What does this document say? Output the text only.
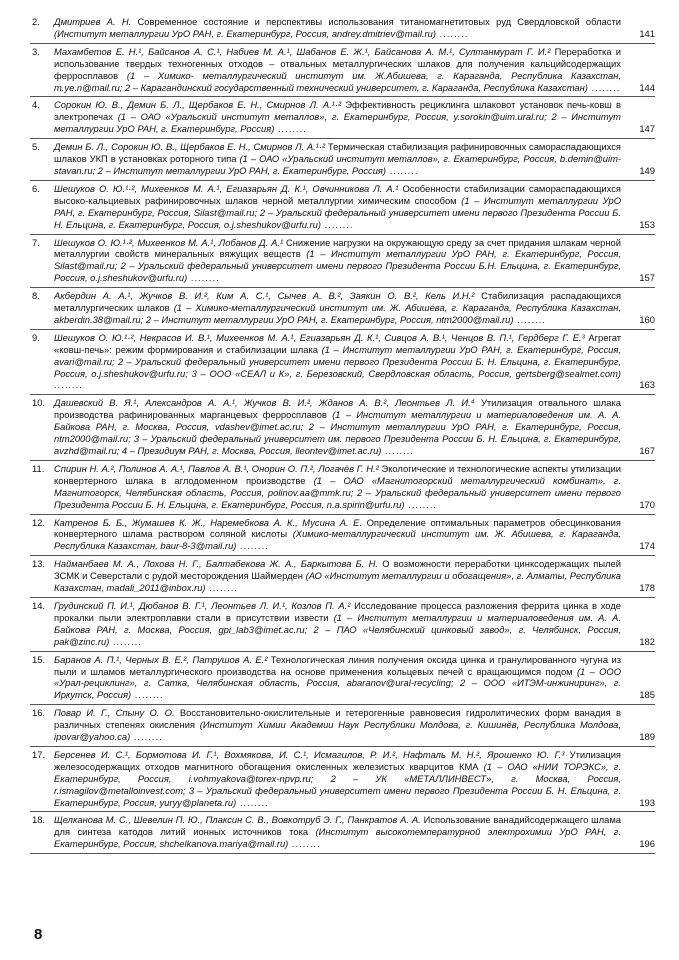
2. Дмитриев А. Н. Современное состояние и перспективы использования титаномагнетитовых руд Свердловской области (Институт металлургии УрО РАН, г. Екатеринбург, Россия, andrey.dmitriev@mail.ru) ........	141
3. Махамбетов Е. Н.¹, Байсанов А. С.¹, Набиев М. А.¹, Шабанов Е. Ж.¹, Байсанова А. М.¹, Султанмурат Г. И.² Переработка и использование твердых техногенных отходов – отвальных металлургических шлаков для получения кальцийсодержащих ферросплавов (1 – Химико- металлургический институт им. Ж.Абишева, г. Караганда, Республика Казахстан, m.ye.n@mail.ru; 2 – Карагандинский государственный технический университет, г. Караганда, Республика Казахстан) ........ 144
4. Сорокин Ю. В., Демин Б. Л., Щербаков Е. Н., Смирнов Л. А.¹·² Эффективность рециклинга шлаковот установок печь-ковш в электропечах (1 – ОАО «Уральский институт металлов», г. Екатеринбург, Россия, y.sorokin@uim.ural.ru; 2 – Институт металлургии УрО РАН, г. Екатеринбург, Россия) ........	147
5. Демин Б. Л., Сорокин Ю. В., Щербаков Е. Н., Смирнов Л. А.¹·² Термическая стабилизация рафинировочных самораспадающихся шлаков УКП в установках роторного типа (1 – ОАО «Уральский институт металлов», г. Екатеринбург, Россия, b.demin@uim-stavan.ru; 2 – Институт металлургии УрО РАН, г. Екатеринбург, Россия) ........	149
6. Шешуков О. Ю.¹·², Михеенков М. А.¹, Егиазарьян Д. К.¹, Овчинникова Л. А.¹ Особенности стабилизации самораспадающихся высоко-кальциевых рафинировочных шлаков черной металлургии химическим способом (1 – Институт металлургии УрО РАН, г. Екатеринбург, Россия, Silast@mail.ru; 2 – Уральский федеральный университет имени первого Президента России Б. Н. Ельцина, г. Екатеринбург, Россия, o.j.sheshukov@urfu.ru) ........	153
7. Шешуков О. Ю.¹·², Михеенков М. А.¹, Лобанов Д. А.¹ Снижение нагрузки на окружающую среду за счет придания шлакам черной металлургии свойств минеральных вяжущих веществ (1 – Институт металлургии УрО РАН, г. Екатеринбург, Россия, Silast@mail.ru; 2 – Уральский федеральный университет имени первого Президента России Б.Н. Ельцина, г. Екатеринбург, Россия, o.j.sheshukov@urfu.ru) ........	157
8. Акбердин А. А.¹, Жучков В. И.², Ким А. С.¹, Сычев А. В.², Заякин О. В.², Кель И.Н.² Стабилизация распадающихся металлургических шлаков (1 – Химико-металлургический институт им. Ж. Абишева, г. Караганда, Республика Казахстан, akberdin.38@mail.ru; 2 – Институт металлургии УрО РАН, г. Екатеринбург, Россия, ntm2000@mail.ru) ........	160
9. Шешуков О. Ю.¹·², Некрасов И. В.¹, Михеенков М. А.¹, Егиазарьян Д. К.¹, Сивцов А. В.¹, Ченцов В. П.¹, Гердберг Г. Е.³ Агрегат «ковш-печь»: режим формирования и стабилизации шлака (1 – Институт металлургии УрО РАН, г. Екатеринбург, Россия, avari@mail.ru; 2 – Уральский федеральный университет имени первого Президента России Б. Н. Ельцина, г. Екатеринбург, Россия, o.j.sheshukov@urfu.ru; 3 – ООО «СЕАЛ и К», г. Березовский, Свердловская область, Россия, gertsberg@sealmet.com) ........	163
10. Дашевский В. Я.¹, Александров А. А.¹, Жучков В. И.², Жданов А. В.², Леонтьев Л. И.⁴ Утилизация отвального шлака производства рафинированных марганцевых ферросплавов (1 – Институт металлургии и материаловедения им. А. А. Байкова РАН, г. Москва, Россия, vdashev@imet.ac.ru; 2 – Институт металлургии УрО РАН, г. Екатеринбург, Россия, ntm2000@mail.ru; 3 – Уральский федеральный университет им. первого Президента России Б. Н. Ельцина, г. Екатеринбург, avzhd@mail.ru; 4 – Президиум РАН, г. Москва, Россия, lleontev@imet.ac.ru) ........	167
11. Спирин Н. А.², Полинов А. А.¹, Павлов А. В.¹, Онорин О. П.², Логачёв Г. Н.² Экологические и технологические аспекты утилизации конвертерного шлака в аглодоменном производстве (1 – ОАО «Магнитогорский металлургический комбинат», г. Магнитогорск, Челябинская область, Россия, polinov.aa@mmk.ru; 2 – Уральский федеральный университет имени первого Президента России Б. Н. Ельцина, г. Екатеринбург, Россия, n.a.spirin@urfu.ru) ........	170
12. Катренов Б. Б., Жумашев К. Ж., Наремебкова А. К., Мусина А. Е. Определение оптимальных параметров обесцинкования конвертерного шлама раствором соляной кислоты (Химико-металлургический институт им. Ж. Абишева, г. Караганда, Республика Казахстан, baur-8-3@mail.ru) ........	174
13. Найманбаев М. А., Лохова Н. Г., Балтабекова Ж. А., Баркытова Б. Н. О возможности переработки цинксодержащих пылей ЗСМК и Северстали с рудой месторождения Шаймерден (АО «Институт металлургии и обогащения», г. Алматы, Республика Казахстан, madali_2011@inbox.ru) ........	178
14. Грудинский П. И.¹, Дюбанов В. Г.¹, Леонтьев Л. И.¹, Козлов П. А.² Исследование процесса разложения феррита цинка в ходе прокалки пыли электроплавки стали в присутствии извести (1 – Институт металлургии и материаловедения им. А. А. Байкова РАН, г. Москва, Россия, gpi_lab3@imet.ac.ru; 2 – ПАО «Челябинский цинковый завод», г. Челябинск, Россия, pak@zinc.ru) ........	182
15. Баранов А. П.¹, Черных В. Е.², Патрушов А. Е.² Технологическая линия получения оксида цинка и гранулированного чугуна из пыли и шламов металлургического производства на основе применения кольцевых печей с вращающимся подом (1 – ООО «Урал-рециклинг», г. Сатка, Челябинская область, Россия, abaranov@ural-recycling; 2 – ООО «ИТЭМ-инжиниринг», г. Иркутск, Россия) ........	185
16. Повар И. Г., Спыну О. О. Восстановительно-окислительные и гетерогенные равновесия гидролитических форм ванадия в различных степенях окисления (Институт Химии Академии Наук Республики Молдова, г. Кишинёв, Республика Молдова, ipovar@yahoo.ca) ........	189
17. Берсенев И. С.¹, Бормотова И. Г.¹, Вохмякова, И. С.¹, Исмагилов, Р. И.², Нафталь М. Н.², Ярошенко Ю. Г.³ Утилизация железосодержащих отходов магнитного обогащения окисленных железистых кварцитов КМА (1 – ОАО «НИИ ТОРЭКС», г. Екатеринбург, Россия, i.vohmyakova@torex-npvp.ru; 2 – УК «МЕТАЛЛИНВЕСТ», г. Москва, Россия, r.ismagilov@metalloinvest.com; 3 – Уральский федеральный университет имени первого Президента России Б. Н. Ельцина, г. Екатеринбург, Россия, yuryy@planeta.ru) ........	193
18. Щелканова М. С., Шевелин П. Ю., Плаксин С. В., Вовкотруб Э. Г., Панкратов А. А. Использование ванадийсодержащего шлама для синтеза катодов литий ионных источников тока (Институт высокотемпературной электрохимии УрО РАН, г. Екатеринбург, Россия, shchelkanova.mariya@mail.ru) ........	196
8
